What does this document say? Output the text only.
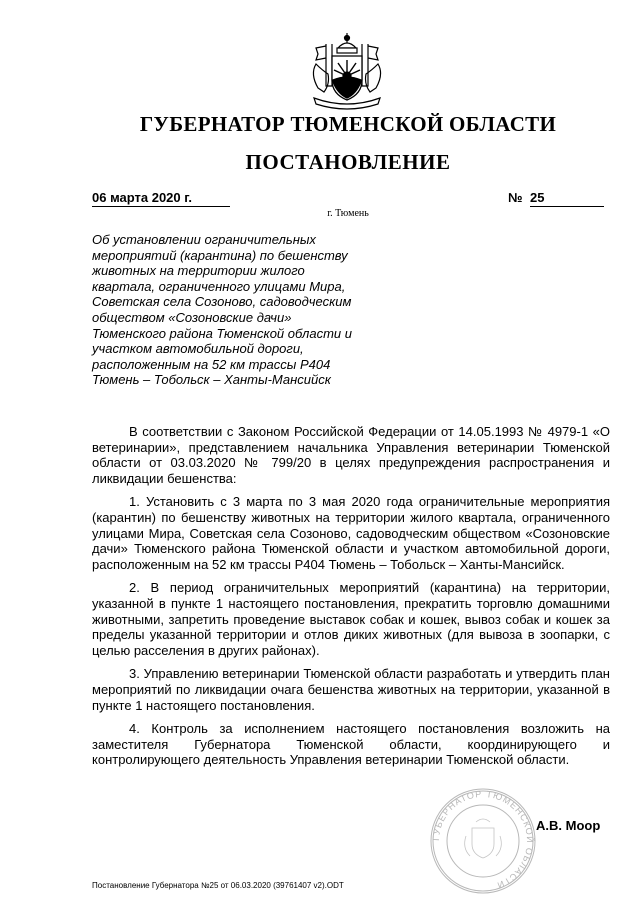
ГУБЕРНАТОР ТЮМЕНСКОЙ ОБЛАСТИ
ПОСТАНОВЛЕНИЕ
06 марта 2020 г.	№ 25
г. Тюмень
Об установлении ограничительных
мероприятий (карантина) по бешенству
животных на территории жилого
квартала, ограниченного улицами Мира,
Советская села Созоново, садоводческим
обществом «Созоновские дачи»
Тюменского района Тюменской области и
участком автомобильной дороги,
расположенным на 52 км трассы Р404
Тюмень – Тобольск – Ханты-Мансийск

В соответствии с Законом Российской Федерации от 14.05.1993 № 4979-1 «О ветеринарии», представлением начальника Управления ветеринарии Тюменской области от 03.03.2020 № 799/20 в целях предупреждения распространения и ликвидации бешенства:

1. Установить с 3 марта по 3 мая 2020 года ограничительные мероприятия (карантин) по бешенству животных на территории жилого квартала, ограниченного улицами Мира, Советская села Созоново, садоводческим обществом «Созоновские дачи» Тюменского района Тюменской области и участком автомобильной дороги, расположенным на 52 км трассы Р404 Тюмень – Тобольск – Ханты-Мансийск.

2. В период ограничительных мероприятий (карантина) на территории, указанной в пункте 1 настоящего постановления, прекратить торговлю домашними животными, запретить проведение выставок собак и кошек, вывоз собак и кошек за пределы указанной территории и отлов диких животных (для вывоза в зоопарки, с целью расселения в других районах).

3. Управлению ветеринарии Тюменской области разработать и утвердить план мероприятий по ликвидации очага бешенства животных на территории, указанной в пункте 1 настоящего постановления.

4. Контроль за исполнением настоящего постановления возложить на заместителя Губернатора Тюменской области, координирующего и контролирующего деятельность Управления ветеринарии Тюменской области.

ГУБЕРНАТОР ТЮМЕНСКОЙ ОБЛАСТИ
А.В. Моор
Постановление Губернатора №25 от 06.03.2020 (39761407 v2).ODT
